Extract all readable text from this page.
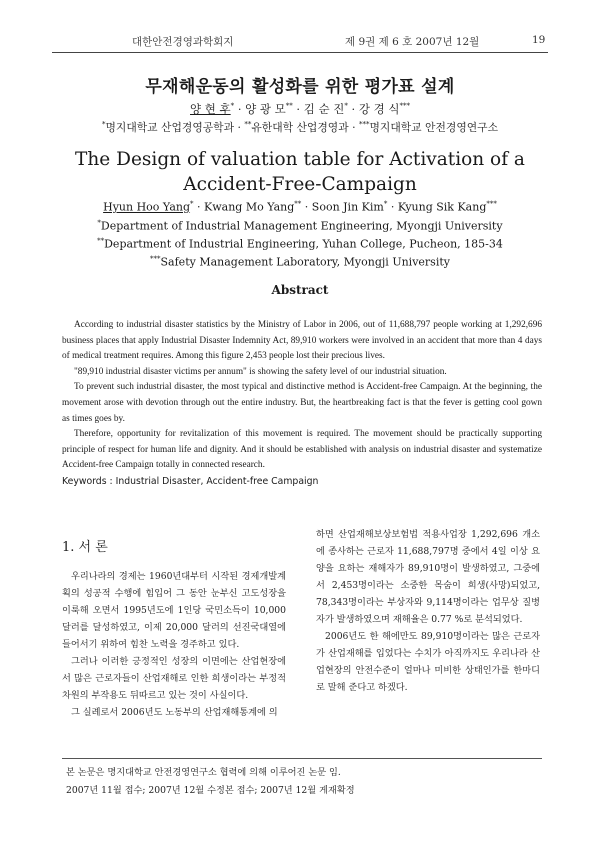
대한안전경영과학회지	제 9권 제 6 호 2007년 12월	19
무재해운동의 활성화를 위한 평가표 설계
양 현 후* · 양 광 모** · 김 순 진* · 강 경 식***
*명지대학교 산업경영공학과 · **유한대학 산업경영과 · ***명지대학교 안전경영연구소
The Design of valuation table for Activation of a
Accident-Free-Campaign
Hyun Hoo Yang* · Kwang Mo Yang** · Soon Jin Kim* · Kyung Sik Kang***
*Department of Industrial Management Engineering, Myongji University
**Department of Industrial Engineering, Yuhan College, Pucheon, 185-34
***Safety Management Laboratory, Myongji University
Abstract

According to industrial disaster statistics by the Ministry of Labor in 2006, out of 11,688,797 people working at 1,292,696 business places that apply Industrial Disaster Indemnity Act, 89,910 workers were involved in an accident that more than 4 days of medical treatment requires. Among this figure 2,453 people lost their precious lives.

"89,910 industrial disaster victims per annum" is showing the safety level of our industrial situation.

To prevent such industrial disaster, the most typical and distinctive method is Accident-free Campaign. At the beginning, the movement arose with devotion through out the entire industry. But, the heartbreaking fact is that the fever is getting cool gown as times goes by.

Therefore, opportunity for revitalization of this movement is required. The movement should be practically supporting principle of respect for human life and dignity. And it should be established with analysis on industrial disaster and systematize Accident-free Campaign totally in connected research.

Keywords : Industrial Disaster, Accident-free Campaign

1. 서 론

우리나라의 경제는 1960년대부터 시작된 경제개발계획의 성공적 수행에 힘입어 그 동안 눈부신 고도성장을 이룩해 오면서 1995년도에 1인당 국민소득이 10,000달러를 달성하였고, 이제 20,000 달러의 선진국대열에 들어서기 위하여 힘찬 노력을 경주하고 있다.

그러나 이러한 긍정적인 성장의 이면에는 산업현장에서 많은 근로자들이 산업재해로 인한 희생이라는 부정적 차원의 부작용도 뒤따르고 있는 것이 사실이다.

그 실례로서 2006년도 노동부의 산업재해통계에 의

하면 산업재해보상보험법 적용사업장 1,292,696 개소에 종사하는 근로자 11,688,797명 중에서 4일 이상 요양을 요하는 재해자가 89,910명이 발생하였고, 그중에서 2,453명이라는 소중한 목숨이 희생(사망)되었고, 78,343명이라는 부상자와 9,114명이라는 업무상 질병자가 발생하였으며 재해율은 0.77 %로 분석되었다.

2006년도 한 해에만도 89,910명이라는 많은 근로자가 산업재해를 입었다는 수치가 아직까지도 우리나라 산업현장의 안전수준이 얼마나 미비한 상태인가를 한마디로 말해 준다고 하겠다.

본 논문은 명지대학교 안전경영연구소 협력에 의해 이루어진 논문 임.
2007년 11월 접수; 2007년 12월 수정본 접수; 2007년 12월 게재확정
